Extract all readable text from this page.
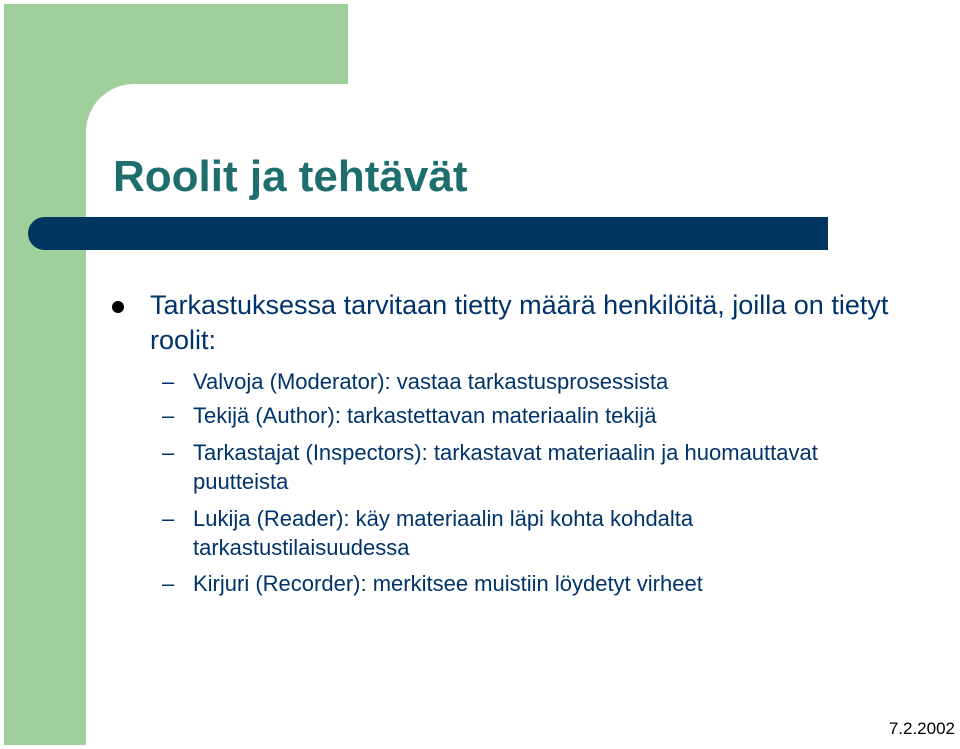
Roolit ja tehtävät
Tarkastuksessa tarvitaan tietty määrä henkilöitä, joilla on tietyt roolit:
– Valvoja (Moderator): vastaa tarkastusprosessista
– Tekijä (Author): tarkastettavan materiaalin tekijä
– Tarkastajat (Inspectors): tarkastavat materiaalin ja huomauttavat puutteista
– Lukija (Reader): käy materiaalin läpi kohta kohdalta tarkastustilaisuudessa
– Kirjuri (Recorder): merkitsee muistiin löydetyt virheet
7.2.2002
